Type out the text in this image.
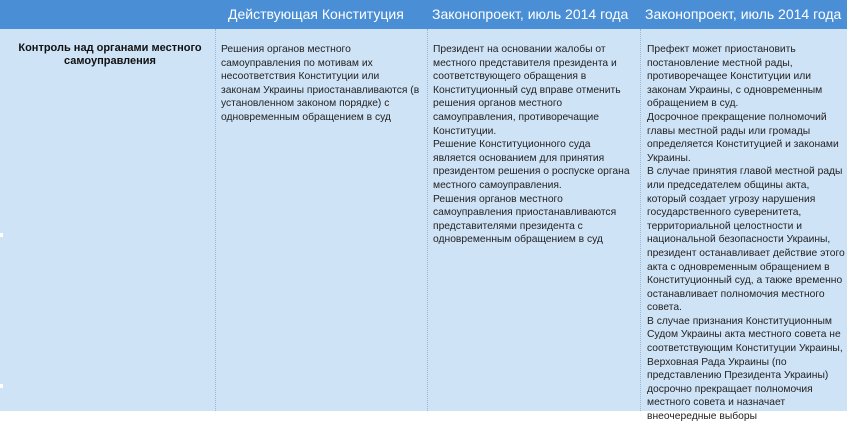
Действующая Конституция Законопроект, июль 2014 года Законопроект, июль 2014 года
Контроль над органами местного самоуправления

Решения органов местного самоуправления по мотивам их несоответствия Конституции или законам Украины приостанавливаются (в установленном законом порядке) с одновременным обращением в суд

Президент на основании жалобы от местного представителя президента и соответствующего обращения в Конституционный суд вправе отменить решения органов местного самоуправления, противоречащие Конституции.

Решение Конституционного суда является основанием для принятия президентом решения о роспуске органа местного самоуправления.

Решения органов местного самоуправления приостанавливаются представителями президента с одновременным обращением в суд

Префект может приостановить постановление местной рады, противоречащее Конституции или законам Украины, с одновременным обращением в суд.

Досрочное прекращение полномочий главы местной рады или громады определяется Конституцией и законами Украины.

В случае принятия главой местной рады или председателем общины акта, который создает угрозу нарушения государственного суверенитета, территориальной целостности и национальной безопасности Украины, президент останавливает действие этого акта с одновременным обращением в Конституционный суд, а также временно останавливает полномочия местного совета.

В случае признания Конституционным Судом Украины акта местного совета не соответствующим Конституции Украины, Верховная Рада Украины (по представлению Президента Украины) досрочно прекращает полномочия местного совета и назначает внеочередные выборы
